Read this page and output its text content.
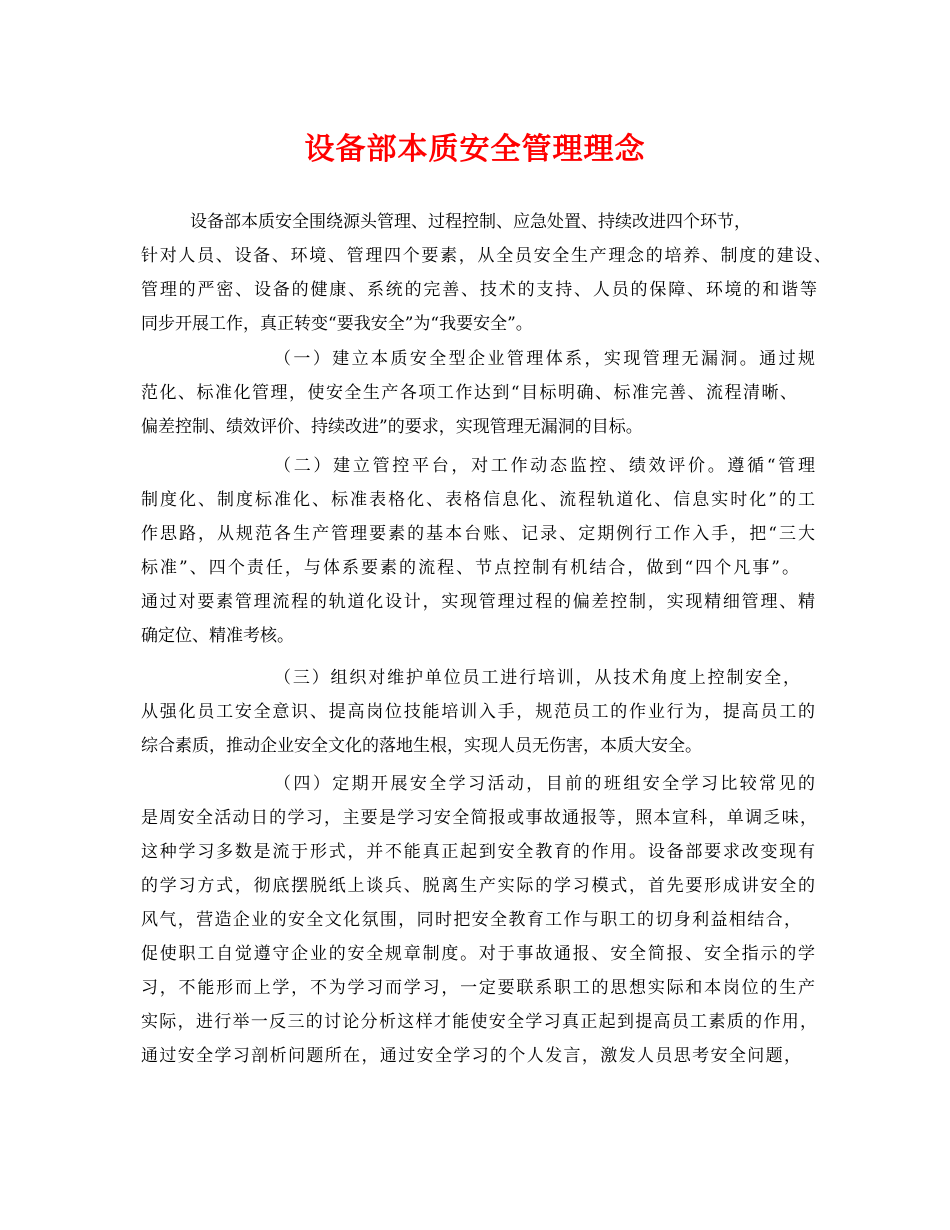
设备部本质安全管理理念

设备部本质安全围绕源头管理、过程控制、应急处置、持续改进四个环节，

针对人员、设备、环境、管理四个要素，从全员安全生产理念的培养、制度的建设、

管理的严密、设备的健康、系统的完善、技术的支持、人员的保障、环境的和谐等

同步开展工作，真正转变“要我安全”为“我要安全”。

（一）建立本质安全型企业管理体系，实现管理无漏洞。通过规

范化、标准化管理，使安全生产各项工作达到“目标明确、标准完善、流程清晰、

偏差控制、绩效评价、持续改进”的要求，实现管理无漏洞的目标。

（二）建立管控平台，对工作动态监控、绩效评价。遵循“管理

制度化、制度标准化、标准表格化、表格信息化、流程轨道化、信息实时化”的工

作思路，从规范各生产管理要素的基本台账、记录、定期例行工作入手，把“三大

标准”、四个责任，与体系要素的流程、节点控制有机结合，做到“四个凡事”。

通过对要素管理流程的轨道化设计，实现管理过程的偏差控制，实现精细管理、精

确定位、精准考核。

（三）组织对维护单位员工进行培训，从技术角度上控制安全，

从强化员工安全意识、提高岗位技能培训入手，规范员工的作业行为，提高员工的

综合素质，推动企业安全文化的落地生根，实现人员无伤害，本质大安全。

（四）定期开展安全学习活动，目前的班组安全学习比较常见的

是周安全活动日的学习，主要是学习安全简报或事故通报等，照本宣科，单调乏味，

这种学习多数是流于形式，并不能真正起到安全教育的作用。设备部要求改变现有

的学习方式，彻底摆脱纸上谈兵、脱离生产实际的学习模式，首先要形成讲安全的

风气，营造企业的安全文化氛围，同时把安全教育工作与职工的切身利益相结合，

促使职工自觉遵守企业的安全规章制度。对于事故通报、安全简报、安全指示的学

习，不能形而上学，不为学习而学习，一定要联系职工的思想实际和本岗位的生产

实际，进行举一反三的讨论分析这样才能使安全学习真正起到提高员工素质的作用，

通过安全学习剖析问题所在，通过安全学习的个人发言，激发人员思考安全问题，
